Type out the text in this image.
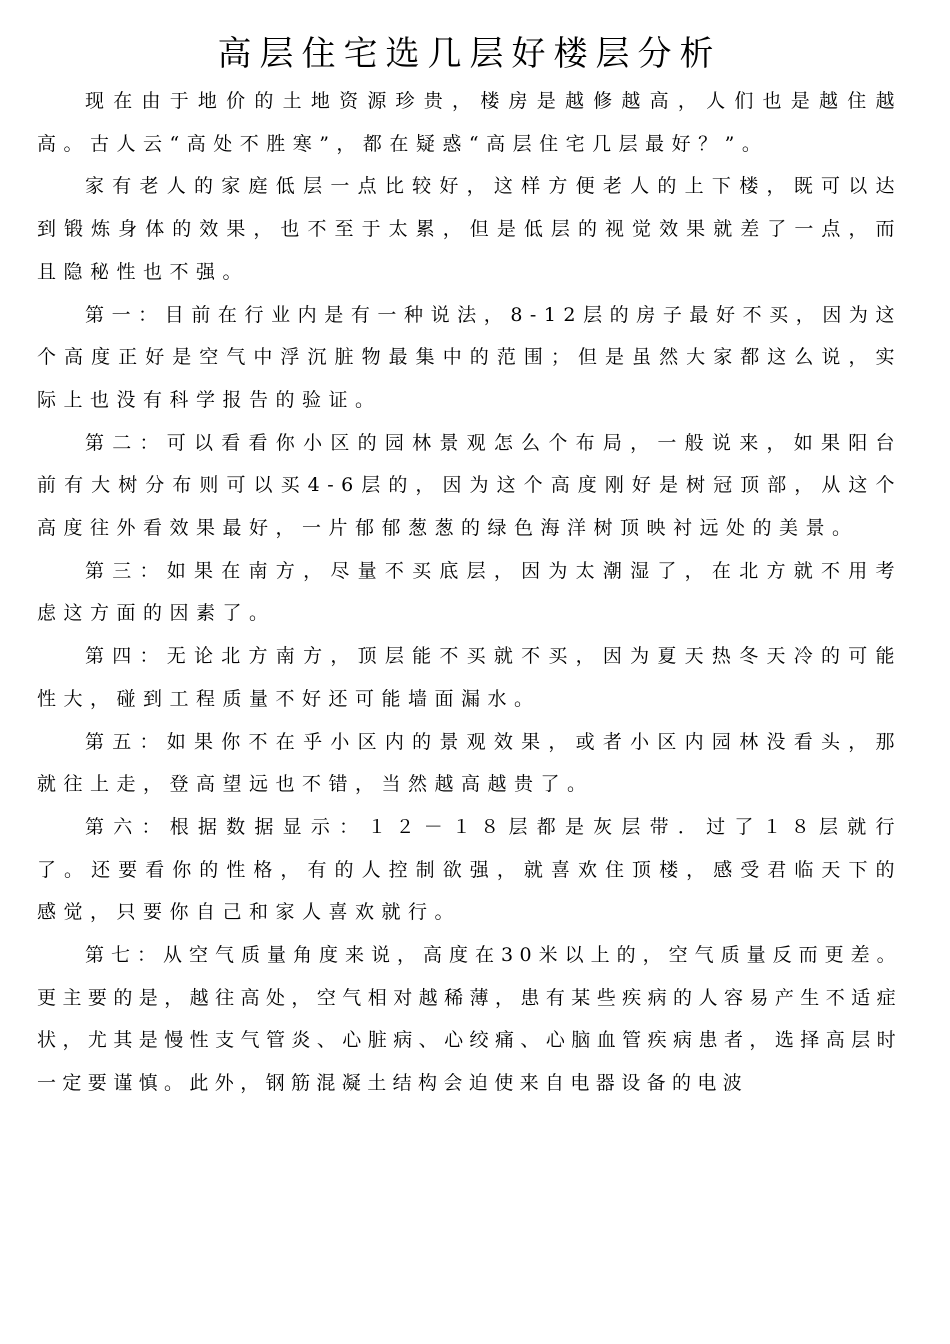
高层住宅选几层好楼层分析

现在由于地价的土地资源珍贵，楼房是越修越高，人们也是越住越高。古人云“高处不胜寒”，都在疑惑“高层住宅几层最好？”。

家有老人的家庭低层一点比较好，这样方便老人的上下楼，既可以达到锻炼身体的效果，也不至于太累，但是低层的视觉效果就差了一点，而且隐秘性也不强。

第一：目前在行业内是有一种说法，8-12层的房子最好不买，因为这个高度正好是空气中浮沉脏物最集中的范围；但是虽然大家都这么说，实际上也没有科学报告的验证。

第二：可以看看你小区的园林景观怎么个布局，一般说来，如果阳台前有大树分布则可以买4-6层的，因为这个高度刚好是树冠顶部，从这个高度往外看效果最好，一片郁郁葱葱的绿色海洋树顶映衬远处的美景。

第三：如果在南方，尽量不买底层，因为太潮湿了，在北方就不用考虑这方面的因素了。

第四：无论北方南方，顶层能不买就不买，因为夏天热冬天冷的可能性大，碰到工程质量不好还可能墙面漏水。

第五：如果你不在乎小区内的景观效果，或者小区内园林没看头，那就往上走，登高望远也不错，当然越高越贵了。

第六：根据数据显示：１２－１８层都是灰层带．过了１８层就行了。还要看你的性格，有的人控制欲强，就喜欢住顶楼，感受君临天下的感觉，只要你自己和家人喜欢就行。

第七：从空气质量角度来说，高度在30米以上的，空气质量反而更差。更主要的是，越往高处，空气相对越稀薄，患有某些疾病的人容易产生不适症状，尤其是慢性支气管炎、心脏病、心绞痛、心脑血管疾病患者，选择高层时一定要谨慎。此外，钢筋混凝土结构会迫使来自电器设备的电波
